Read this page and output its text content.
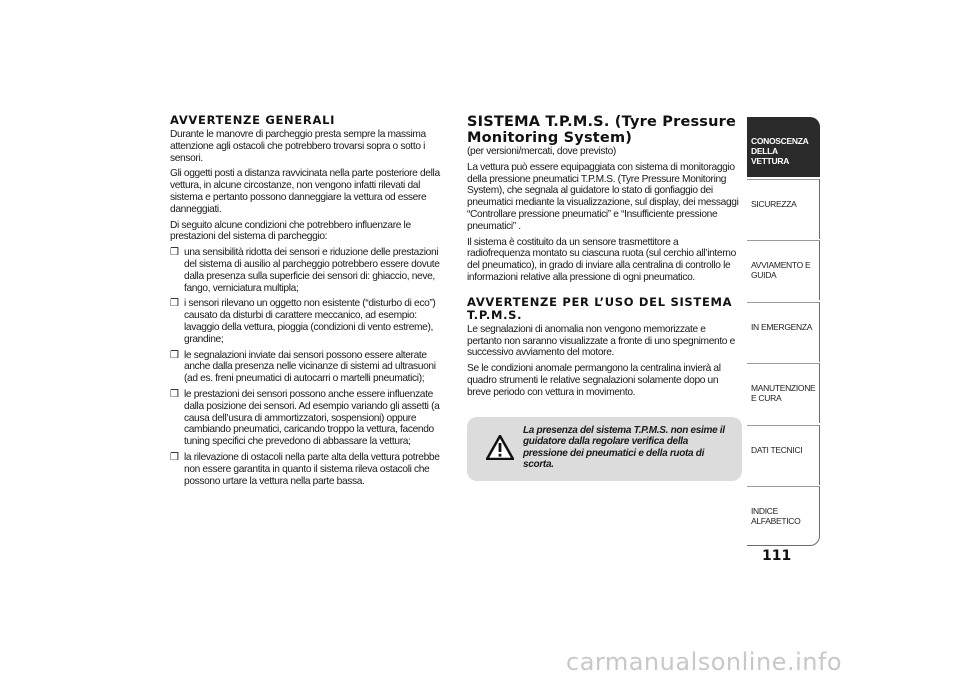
AVVERTENZE GENERALI

Durante le manovre di parcheggio presta sempre la massima attenzione agli ostacoli che potrebbero trovarsi sopra o sotto i sensori.

Gli oggetti posti a distanza ravvicinata nella parte posteriore della vettura, in alcune circostanze, non vengono infatti rilevati dal sistema e pertanto possono danneggiare la vettura od essere danneggiati.

Di seguito alcune condizioni che potrebbero influenzare le prestazioni del sistema di parcheggio:

❒ una sensibilità ridotta dei sensori e riduzione delle prestazioni del sistema di ausilio al parcheggio potrebbero essere dovute dalla presenza sulla superficie dei sensori di: ghiaccio, neve, fango, verniciatura multipla;
❒ i sensori rilevano un oggetto non esistente (“disturbo di eco”) causato da disturbi di carattere meccanico, ad esempio: lavaggio della vettura, pioggia (condizioni di vento estreme), grandine;
❒ le segnalazioni inviate dai sensori possono essere alterate anche dalla presenza nelle vicinanze di sistemi ad ultrasuoni (ad es. freni pneumatici di autocarri o martelli pneumatici);
❒ le prestazioni dei sensori possono anche essere influenzate dalla posizione dei sensori. Ad esempio variando gli assetti (a causa dell’usura di ammortizzatori, sospensioni) oppure cambiando pneumatici, caricando troppo la vettura, facendo tuning specifici che prevedono di abbassare la vettura;
❒ la rilevazione di ostacoli nella parte alta della vettura potrebbe non essere garantita in quanto il sistema rileva ostacoli che possono urtare la vettura nella parte bassa.
SISTEMA T.P.M.S. (Tyre Pressure Monitoring System)

(per versioni/mercati, dove previsto)

La vettura può essere equipaggiata con sistema di monitoraggio della pressione pneumatici T.P.M.S. (Tyre Pressure Monitoring System), che segnala al guidatore lo stato di gonfiaggio dei pneumatici mediante la visualizzazione, sul display, dei messaggi “Controllare pressione pneumatici” e “Insufficiente pressione pneumatici” .

Il sistema è costituito da un sensore trasmettitore a radiofrequenza montato su ciascuna ruota (sul cerchio all’interno del pneumatico), in grado di inviare alla centralina di controllo le informazioni relative alla pressione di ogni pneumatico.

AVVERTENZE PER L’USO DEL SISTEMA T.P.M.S.

Le segnalazioni di anomalia non vengono memorizzate e pertanto non saranno visualizzate a fronte di uno spegnimento e successivo avviamento del motore.

Se le condizioni anomale permangono la centralina invierà al quadro strumenti le relative segnalazioni solamente dopo un breve periodo con vettura in movimento.

La presenza del sistema T.P.M.S. non esime il guidatore dalla regolare verifica della pressione dei pneumatici e della ruota di scorta.
CONOSCENZA DELLA VETTURA
SICUREZZA
AVVIAMENTO E GUIDA
IN EMERGENZA
MANUTENZIONE E CURA
DATI TECNICI
INDICE ALFABETICO
111
carmanualsonline.info
